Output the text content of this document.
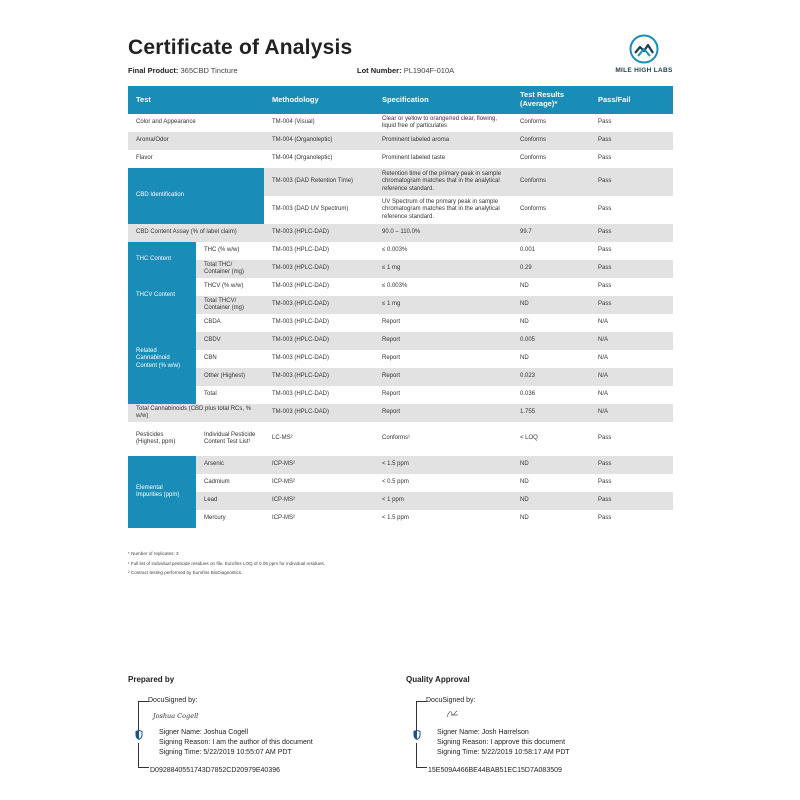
Certificate of Analysis
Final Product: 365CBD Tincture	Lot Number: PL1904F-010A	MILE HIGH LABS
Test		Methodology	Specification	Test Results (Average)*	Pass/Fail
Color and Appearance		TM-004 (Visual)	Clear or yellow to orange/red clear, flowing, liquid free of particulates	Conforms	Pass
Aroma/Odor		TM-004 (Organoleptic)	Prominent labeled aroma	Conforms	Pass
Flavor		TM-004 (Organoleptic)	Prominent labeled taste	Conforms	Pass
CBD Identification		TM-003 (DAD Retention Time)	Retention time of the primary peak in sample chromatogram matches that in the analytical reference standard.	Conforms	Pass
		TM-003 (DAD UV Spectrum)	UV Spectrum of the primary peak in sample chromatogram matches that in the analytical reference standard.	Conforms	Pass
CBD Content Assay (% of label claim)		TM-003 (HPLC-DAD)	90.0 – 110.0%	99.7	Pass
THC Content	THC (% w/w)	TM-003 (HPLC-DAD)	≤ 0.003%	0.001	Pass
	Total THC/ Container (mg)	TM-003 (HPLC-DAD)	≤ 1 mg	0.29	Pass
THCV Content	THCV (% w/w)	TM-003 (HPLC-DAD)	≤ 0.003%	ND	Pass
	Total THCV/ Container (mg)	TM-003 (HPLC-DAD)	≤ 1 mg	ND	Pass
Related Cannabinoid Content (% w/w)	CBDA	TM-003 (HPLC-DAD)	Report	ND	N/A
	CBDV	TM-003 (HPLC-DAD)	Report	0.005	N/A
	CBN	TM-003 (HPLC-DAD)	Report	ND	N/A
	Other (Highest)	TM-003 (HPLC-DAD)	Report	0.023	N/A
	Total	TM-003 (HPLC-DAD)	Report	0.036	N/A
Total Cannabinoids (CBD plus total RCs, % w/w)		TM-003 (HPLC-DAD)	Report	1.755	N/A
Pesticides (Highest, ppm)	Individual Pesticide Content Test List¹	LC-MS²	Conforms¹	< LOQ	Pass
Elemental Impurities (ppm)	Arsenic	ICP-MS²	< 1.5 ppm	ND	Pass
	Cadmium	ICP-MS²	< 0.5 ppm	ND	Pass
	Lead	ICP-MS²	< 1 ppm	ND	Pass
	Mercury	ICP-MS²	< 1.5 ppm	ND	Pass
* Number of replicates: 3
¹ Full list of individual pesticide residues on file, Eurofins LOQ of 0.05 ppm for individual residues.
² Contract testing performed by Eurofins BioDiagnostics.
Prepared by	Quality Approval
DocuSigned by:
Joshua Cogell
Signer Name: Joshua Cogell
Signing Reason: I am the author of this document
Signing Time: 5/22/2019 10:55:07 AM PDT
D0928840551743D7852CD20979E40396
DocuSigned by:
Signer Name: Josh Harrelson
Signing Reason: I approve this document
Signing Time: 5/22/2019 10:58:17 AM PDT
15E509A466BE44BAB51EC15D7A083509
